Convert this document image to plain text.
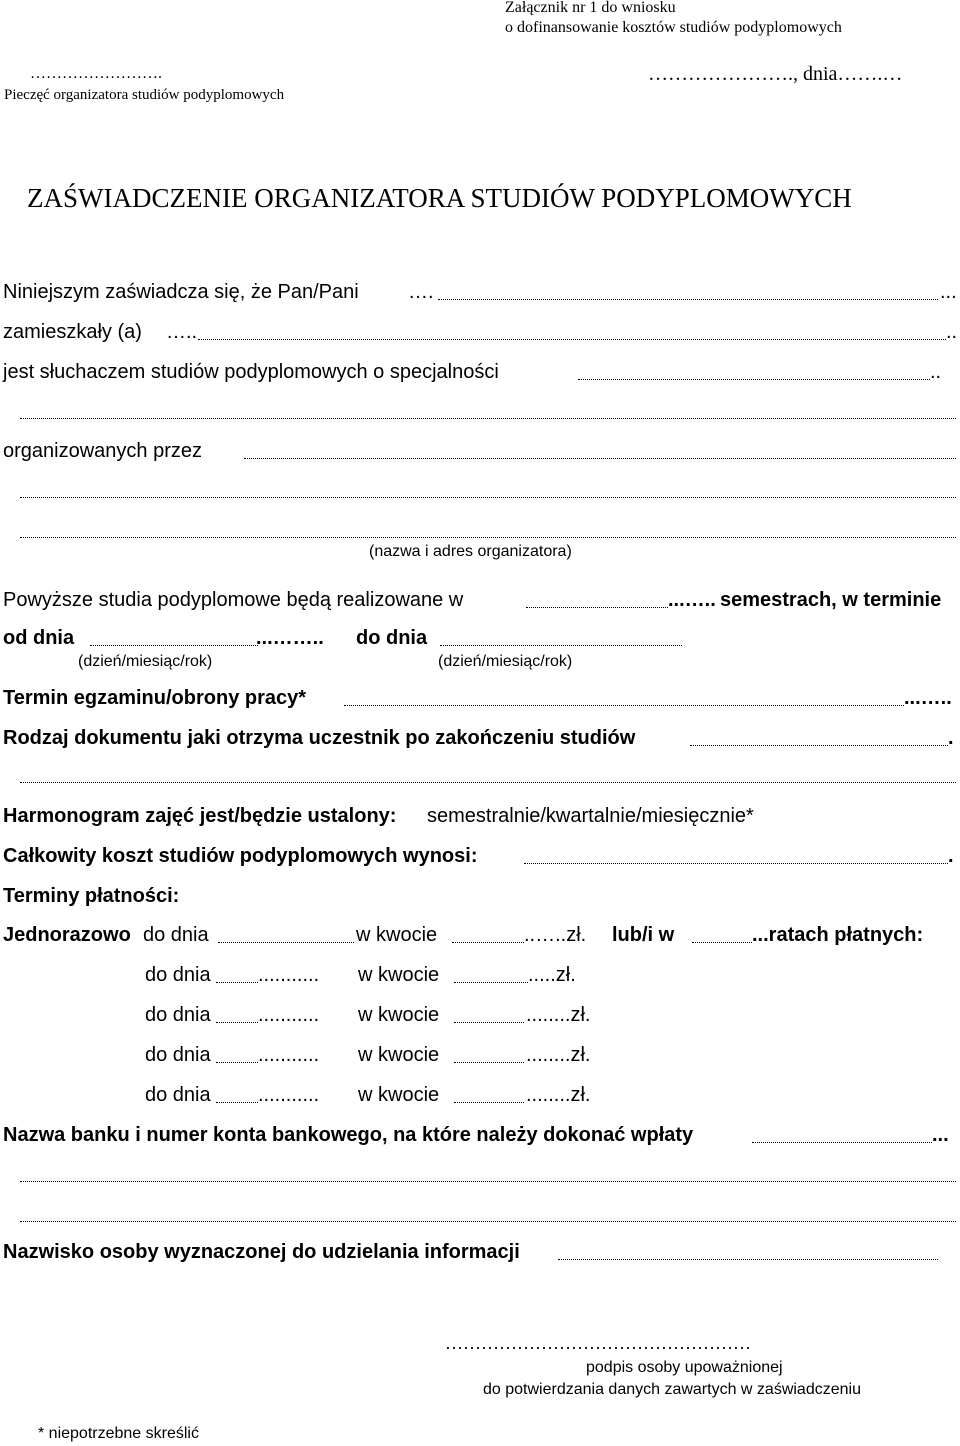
Załącznik nr 1 do wniosku
o dofinansowanie kosztów studiów podyplomowych
…………………….
Pieczęć organizatora studiów podyplomowych
…………………., dnia…….…
ZAŚWIADCZENIE ORGANIZATORA STUDIÓW PODYPLOMOWYCH
Niniejszym zaświadcza się, że Pan/Pani ….	...
zamieszkały (a) …..	..
jest słuchaczem studiów podyplomowych o specjalności	..
organizowanych przez
(nazwa i adres organizatora)
Powyższe studia podyplomowe będą realizowane w	...….. semestrach, w terminie
od dnia	...…….. do dnia
(dzień/miesiąc/rok)	(dzień/miesiąc/rok)
Termin egzaminu/obrony pracy*	...…..
Rodzaj dokumentu jaki otrzyma uczestnik po zakończeniu studiów	.
Harmonogram zajęć jest/będzie ustalony: semestralnie/kwartalnie/miesięcznie*
Całkowity koszt studiów podyplomowych wynosi:	.
Terminy płatności:
Jednorazowo do dnia	w kwocie	..…..zł. lub/i w	...ratach płatnych:
do dnia ........... w kwocie	.....zł.
do dnia ........... w kwocie	........zł.
do dnia ........... w kwocie	........zł.
do dnia ........... w kwocie	........zł.
Nazwa banku i numer konta bankowego, na które należy dokonać wpłaty	...
Nazwisko osoby wyznaczonej do udzielania informacji
……………………………………………
podpis osoby upoważnionej
do potwierdzania danych zawartych w zaświadczeniu
* niepotrzebne skreślić
